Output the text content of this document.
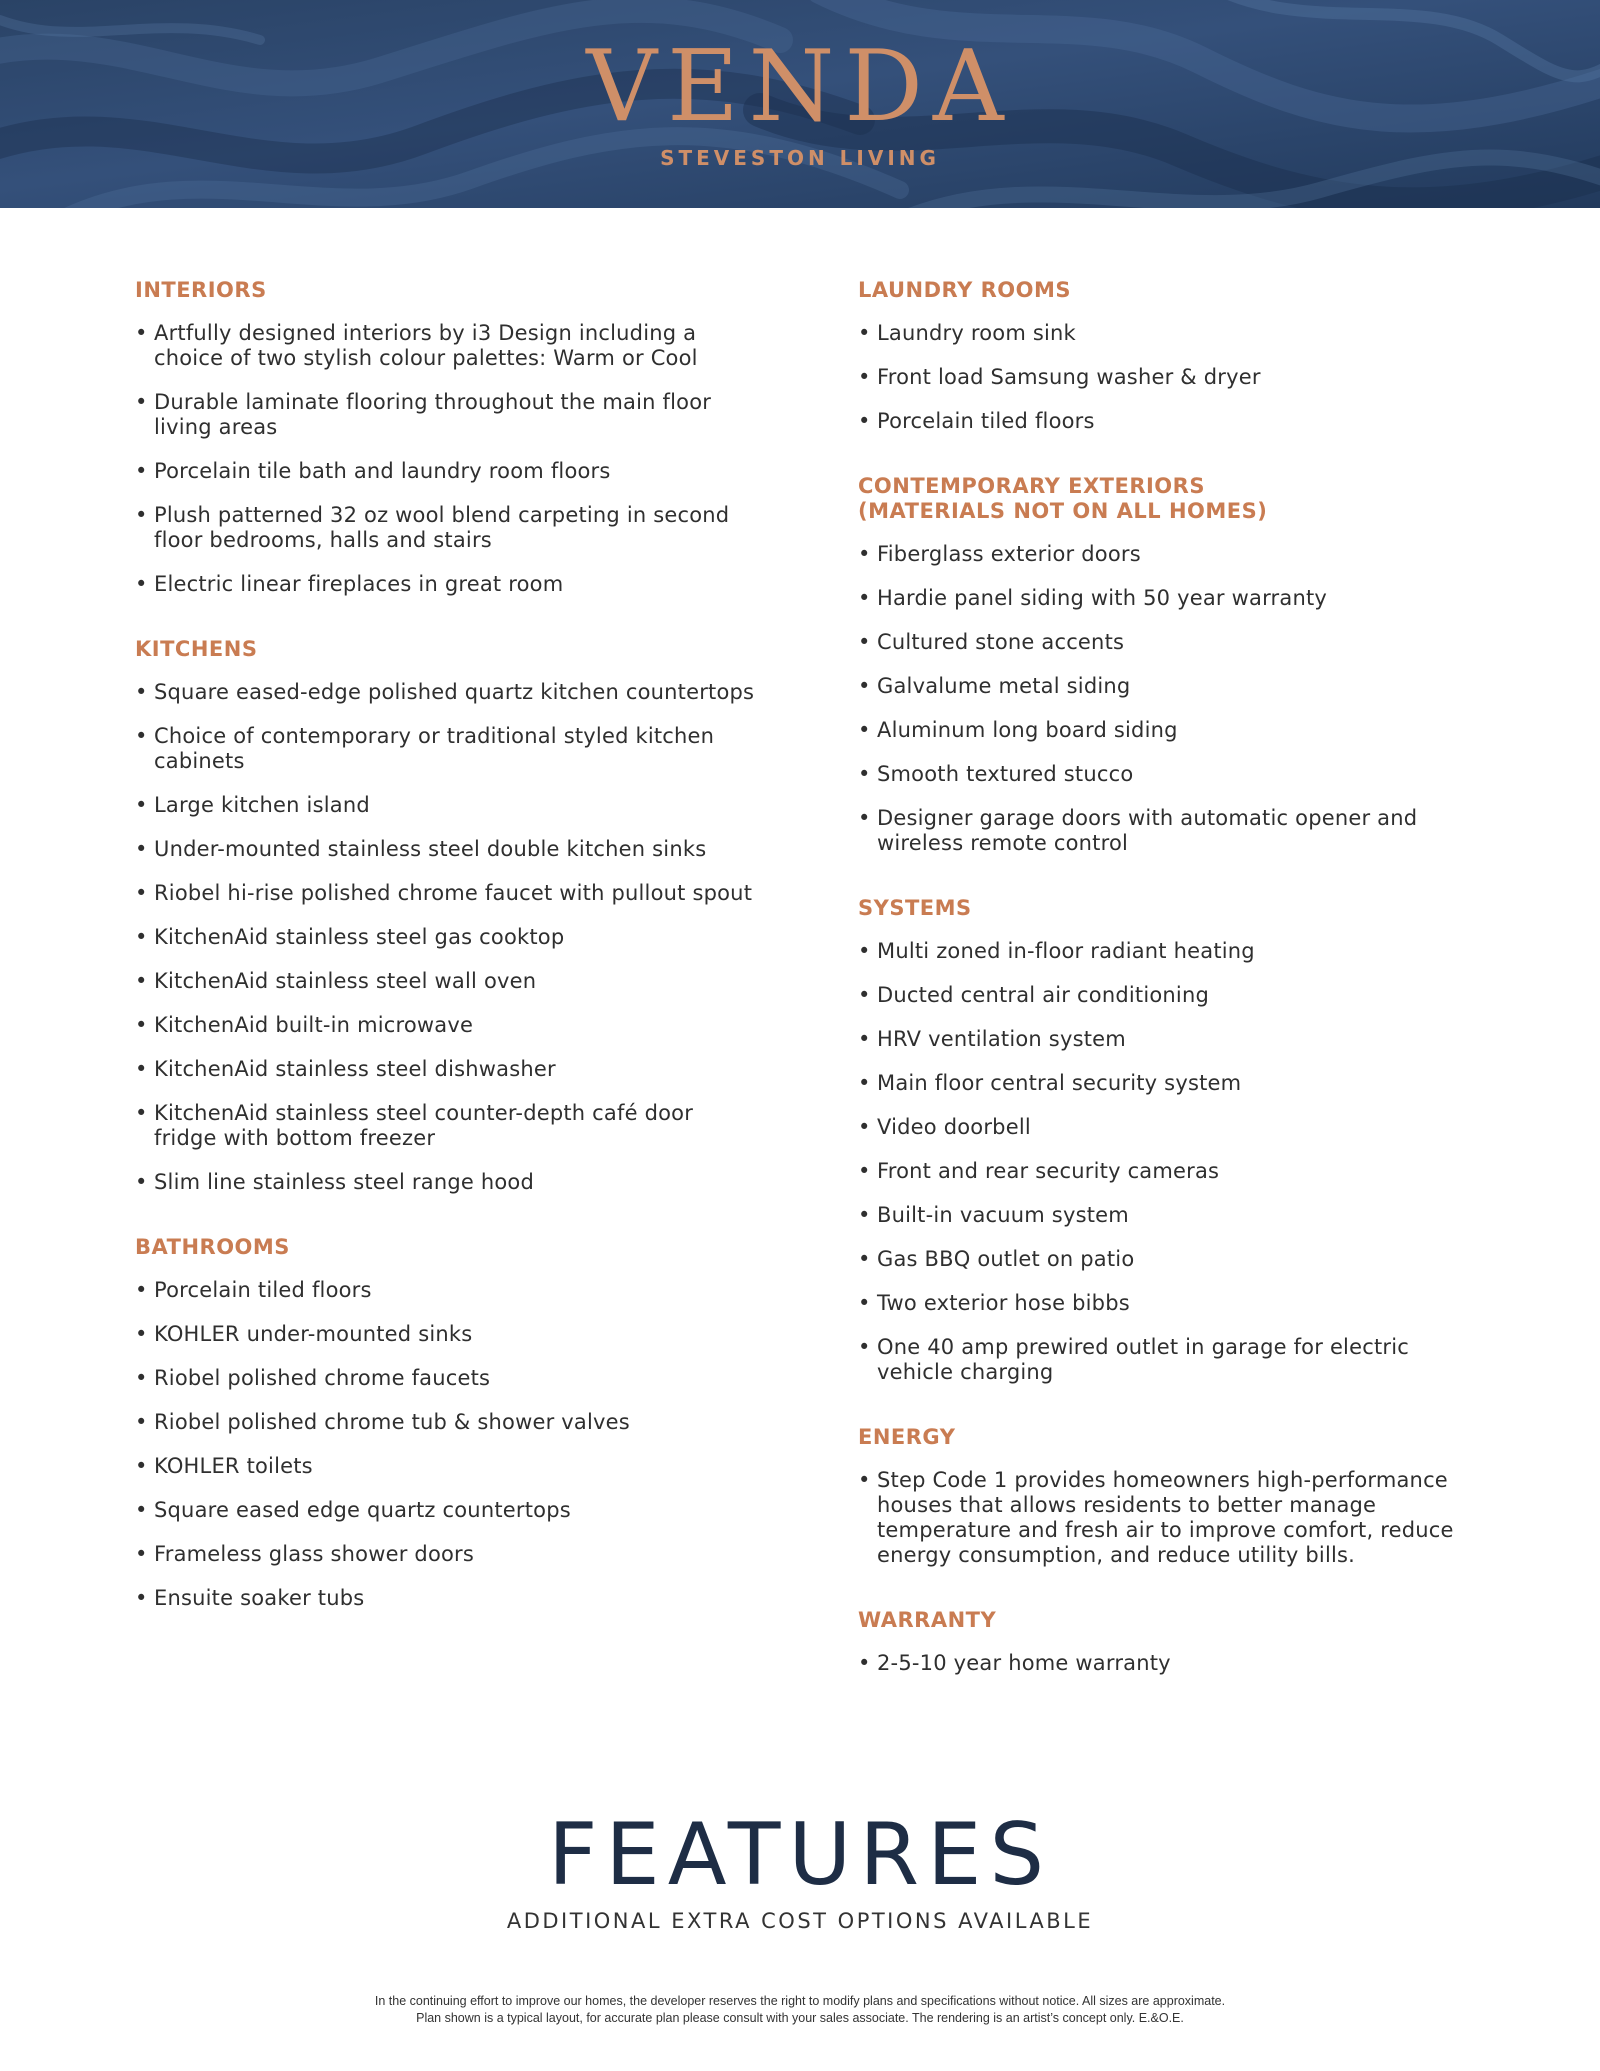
VENDA
STEVESTON LIVING
INTERIORS
• Artfully designed interiors by i3 Design including a choice of two stylish colour palettes: Warm or Cool
• Durable laminate flooring throughout the main floor living areas
• Porcelain tile bath and laundry room floors
• Plush patterned 32 oz wool blend carpeting in second floor bedrooms, halls and stairs
• Electric linear fireplaces in great room
KITCHENS
• Square eased-edge polished quartz kitchen countertops
• Choice of contemporary or traditional styled kitchen cabinets
• Large kitchen island
• Under-mounted stainless steel double kitchen sinks
• Riobel hi-rise polished chrome faucet with pullout spout
• KitchenAid stainless steel gas cooktop
• KitchenAid stainless steel wall oven
• KitchenAid built-in microwave
• KitchenAid stainless steel dishwasher
• KitchenAid stainless steel counter-depth café door fridge with bottom freezer
• Slim line stainless steel range hood
BATHROOMS
• Porcelain tiled floors
• KOHLER under-mounted sinks
• Riobel polished chrome faucets
• Riobel polished chrome tub & shower valves
• KOHLER toilets
• Square eased edge quartz countertops
• Frameless glass shower doors
• Ensuite soaker tubs
LAUNDRY ROOMS
• Laundry room sink
• Front load Samsung washer & dryer
• Porcelain tiled floors
CONTEMPORARY EXTERIORS
(MATERIALS NOT ON ALL HOMES)
• Fiberglass exterior doors
• Hardie panel siding with 50 year warranty
• Cultured stone accents
• Galvalume metal siding
• Aluminum long board siding
• Smooth textured stucco
• Designer garage doors with automatic opener and wireless remote control
SYSTEMS
• Multi zoned in-floor radiant heating
• Ducted central air conditioning
• HRV ventilation system
• Main floor central security system
• Video doorbell
• Front and rear security cameras
• Built-in vacuum system
• Gas BBQ outlet on patio
• Two exterior hose bibbs
• One 40 amp prewired outlet in garage for electric vehicle charging
ENERGY
• Step Code 1 provides homeowners high-performance houses that allows residents to better manage temperature and fresh air to improve comfort, reduce energy consumption, and reduce utility bills.
WARRANTY
• 2-5-10 year home warranty
FEATURES
ADDITIONAL EXTRA COST OPTIONS AVAILABLE
In the continuing effort to improve our homes, the developer reserves the right to modify plans and specifications without notice. All sizes are approximate.
Plan shown is a typical layout, for accurate plan please consult with your sales associate. The rendering is an artist’s concept only. E.&O.E.
